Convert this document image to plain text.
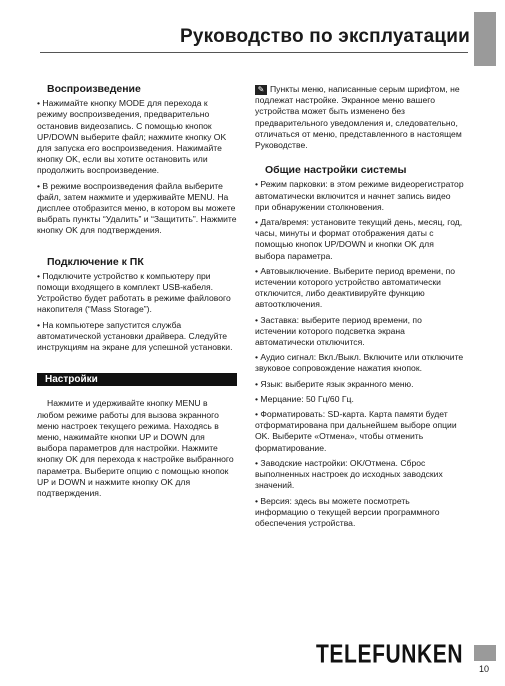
Руководство по эксплуатации
Воспроизведение
• Нажимайте кнопку MODE для перехода к режиму воспроизведения, предварительно остановив видеозапись. С помощью кнопок UP/DOWN выберите файл; нажмите кнопку OK для запуска его воспроизведения. Нажимайте кнопку OK, если вы хотите остановить или продолжить воспроизведение.
• В режиме воспроизведения файла выберите файл, затем нажмите и удерживайте MENU. На дисплее отобразится меню, в котором вы можете выбрать пункты “Удалить” и “Защитить”. Нажмите кнопку OK для подтверждения.
Подключение к ПК
• Подключите устройство к компьютеру при помощи входящего в комплект USB-кабеля. Устройство будет работать в режиме файлового накопителя (“Mass Storage”).
• На компьютере запустится служба автоматической установки драйвера. Следуйте инструкциям на экране для успешной установки.
Настройки
Нажмите и удерживайте кнопку MENU в любом режиме работы для вызова экранного меню настроек текущего режима. Находясь в меню, нажимайте кнопки UP и DOWN для выбора параметров для настройки. Нажмите кнопку OK для перехода к настройке выбранного параметра. Выберите опцию с помощью кнопок UP и DOWN и нажмите кнопку OK для подтверждения.
✎ Пункты меню, написанные серым шрифтом, не подлежат настройке. Экранное меню вашего устройства может быть изменено без предварительного уведомления и, следовательно, отличаться от меню, представленного в настоящем Руководстве.
Общие настройки системы
• Режим парковки: в этом режиме видеорегистратор автоматически включится и начнет запись видео при обнаружении столкновения.
• Дата/время: установите текущий день, месяц, год, часы, минуты и формат отображения даты с помощью кнопок UP/DOWN и кнопки OK для выбора параметра.
• Автовыключение. Выберите период времени, по истечении которого устройство автоматически отключится, либо деактивируйте функцию автоотключения.
• Заставка: выберите период времени, по истечении которого подсветка экрана автоматически отключится.
• Аудио сигнал: Вкл./Выкл. Включите или отключите звуковое сопровождение нажатия кнопок.
• Язык: выберите язык экранного меню.
• Мерцание: 50 Гц/60 Гц.
• Форматировать: SD-карта. Карта памяти будет отформатирована при дальнейшем выборе опции OK. Выберите «Отмена», чтобы отменить форматирование.
• Заводские настройки: OK/Отмена. Сброс выполненных настроек до исходных заводских значений.
• Версия: здесь вы можете посмотреть информацию о текущей версии программного обеспечения устройства.
TELEFUNKEN
10
